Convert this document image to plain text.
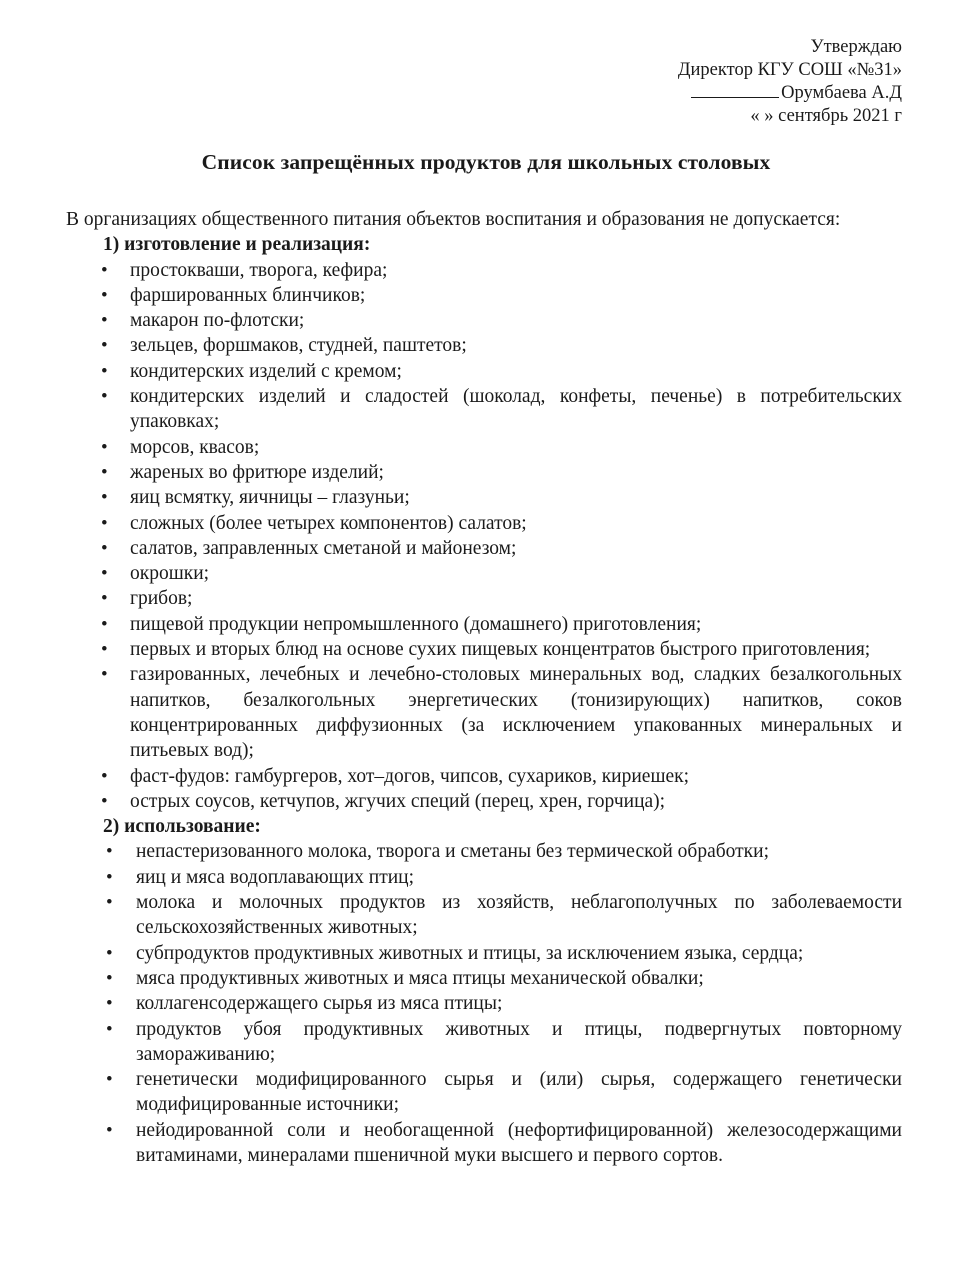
Утверждаю
Директор КГУ СОШ «№31»
Орумбаева А.Д
« » сентябрь 2021 г
Список запрещённых продуктов для школьных столовых

В организациях общественного питания объектов воспитания и образования не допускается:

1) изготовление и реализация:

• простокваши, творога, кефира;
• фаршированных блинчиков;
• макарон по-флотски;
• зельцев, форшмаков, студней, паштетов;
• кондитерских изделий с кремом;
• кондитерских изделий и сладостей (шоколад, конфеты, печенье) в потребительских упаковках;
• морсов, квасов;
• жареных во фритюре изделий;
• яиц всмятку, яичницы – глазуньи;
• сложных (более четырех компонентов) салатов;
• салатов, заправленных сметаной и майонезом;
• окрошки;
• грибов;
• пищевой продукции непромышленного (домашнего) приготовления;
• первых и вторых блюд на основе сухих пищевых концентратов быстрого приготовления;
• газированных, лечебных и лечебно-столовых минеральных вод, сладких безалкогольных напитков, безалкогольных энергетических (тонизирующих) напитков, соков концентрированных диффузионных (за исключением упакованных минеральных и питьевых вод);
• фаст-фудов: гамбургеров, хот–догов, чипсов, сухариков, кириешек;
• острых соусов, кетчупов, жгучих специй (перец, хрен, горчица);

2) использование:

• непастеризованного молока, творога и сметаны без термической обработки;
• яиц и мяса водоплавающих птиц;
• молока и молочных продуктов из хозяйств, неблагополучных по заболеваемости сельскохозяйственных животных;
• субпродуктов продуктивных животных и птицы, за исключением языка, сердца;
• мяса продуктивных животных и мяса птицы механической обвалки;
• коллагенсодержащего сырья из мяса птицы;
• продуктов убоя продуктивных животных и птицы, подвергнутых повторному замораживанию;
• генетически модифицированного сырья и (или) сырья, содержащего генетически модифицированные источники;
• нейодированной соли и необогащенной (нефортифицированной) железосодержащими витаминами, минералами пшеничной муки высшего и первого сортов.
